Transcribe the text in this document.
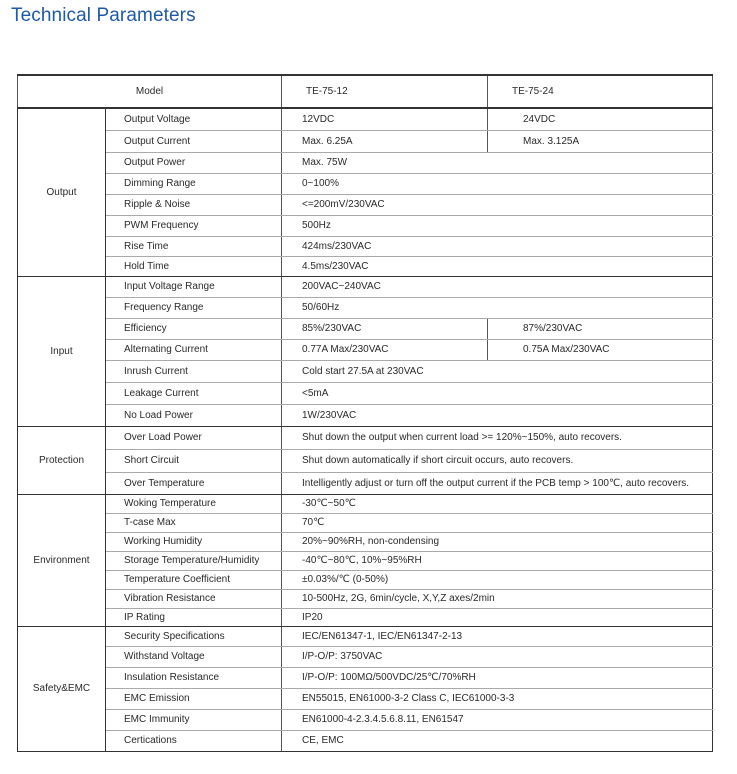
Technical Parameters
Model		TE-75-12	TE-75-24
Output	Output Voltage	12VDC	24VDC
	Output Current	Max. 6.25A	Max. 3.125A
	Output Power	Max. 75W	
	Dimming Range	0~100%	
	Ripple & Noise	<=200mV/230VAC	
	PWM Frequency	500Hz	
	Rise Time	424ms/230VAC	
	Hold Time	4.5ms/230VAC	
Input	Input Voltage Range	200VAC~240VAC	
	Frequency Range	50/60Hz	
	Efficiency	85%/230VAC	87%/230VAC
	Alternating Current	0.77A Max/230VAC	0.75A Max/230VAC
	Inrush Current	Cold start 27.5A at 230VAC	
	Leakage Current	<5mA	
	No Load Power	1W/230VAC	
Protection	Over Load Power	Shut down the output when current load >= 120%~150%, auto recovers.	
	Short Circuit	Shut down automatically if short circuit occurs, auto recovers.	
	Over Temperature	Intelligently adjust or turn off the output current if the PCB temp > 100℃, auto recovers.	
Environment	Woking Temperature	-30℃~50℃	
	T-case Max	70℃	
	Working Humidity	20%~90%RH, non-condensing	
	Storage Temperature/Humidity	-40℃~80℃, 10%~95%RH	
	Temperature Coefficient	±0.03%/℃ (0-50%)	
	Vibration Resistance	10-500Hz, 2G, 6min/cycle, X,Y,Z axes/2min	
	IP Rating	IP20	
Safety&EMC	Security Specifications	IEC/EN61347-1, IEC/EN61347-2-13	
	Withstand Voltage	I/P-O/P: 3750VAC	
	Insulation Resistance	I/P-O/P: 100MΩ/500VDC/25℃/70%RH	
	EMC Emission	EN55015, EN61000-3-2 Class C, IEC61000-3-3	
	EMC Immunity	EN61000-4-2.3.4.5.6.8.11, EN61547	
	Certications	CE, EMC	
